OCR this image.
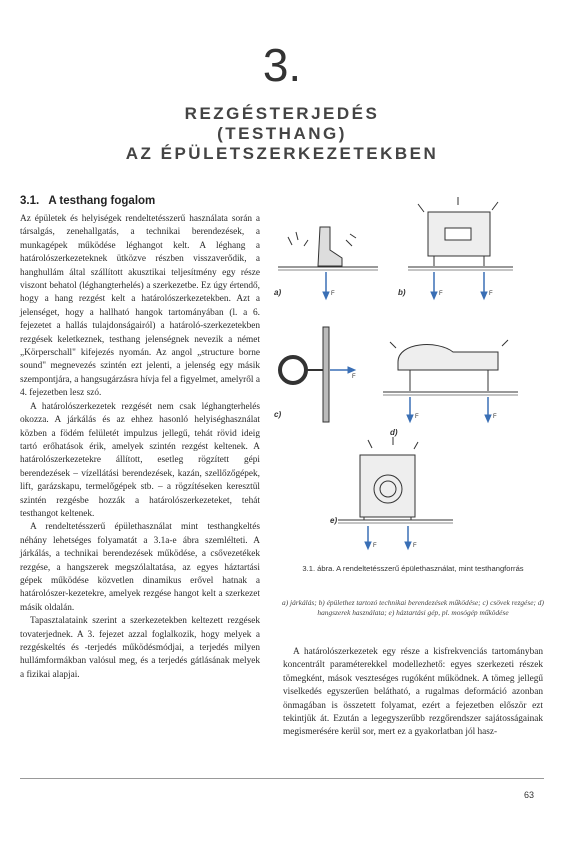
3.
REZGÉSTERJEDÉS
(TESTHANG)
AZ ÉPÜLETSZERKEZETEKBEN
3.1. A testhang fogalom

Az épületek és helyiségek rendeltetésszerű használata során a társalgás, zenehallgatás, a technikai berendezések, a munkagépek működése léghangot kelt. A léghang a határolószerkezeteknek ütközve részben visszaverődik, a hanghullám által szállított akusztikai teljesítmény egy része viszont behatol (léghangterhelés) a szerkezetbe. Ez úgy értendő, hogy a hang rezgést kelt a határolószerkezetekben. Azt a jelenséget, hogy a hallható hangok tartományában (l. a 6. fejezetet a hallás tulajdonságairól) a határoló-szerkezetekben rezgések keletkeznek, testhang jelenségnek nevezik a német „Körperschall" kifejezés nyomán. Az angol „structure borne sound" megnevezés szintén ezt jelenti, a jelenség egy másik szempontjára, a hangsugárzásra hívja fel a figyelmet, amelyről a 4. fejezetben lesz szó.

A határolószerkezetek rezgését nem csak léghangterhelés okozza. A járkálás és az ehhez hasonló helyiséghasználat közben a födém felületét impulzus jellegű, tehát rövid ideig tartó erőhatások érik, amelyek szintén rezgést keltenek. A határolószerkezetekre állított, esetleg rögzített gépi berendezések – vízellátási berendezések, kazán, szellőzőgépek, lift, garázskapu, termelőgépek stb. – a rögzítéseken keresztül szintén rezgésbe hozzák a határolószerkezeteket, tehát testhangot keltenek.

A rendeltetésszerű épülethasználat mint testhangkeltés néhány lehetséges folyamatát a 3.1a-e ábra szemlélteti. A járkálás, a technikai berendezések működése, a csővezetékek rezgése, a hangszerek megszólaltatása, az egyes háztartási gépek működése közvetlen dinamikus erővel hatnak a határolószer-kezetekre, amelyek rezgése hangot kelt a szerkezet másik oldalán.

Tapasztalataink szerint a szerkezetekben keltezett rezgések tovaterjednek. A 3. fejezet azzal foglalkozik, hogy melyek a rezgéskeltés és -terjedés működésmódjai, a terjedés milyen hullámformákban valósul meg, és a terjedés gátlásának melyek a fizikai alapjai.

a)	b)
c)
d)
e)
F	F	F
F
F	F
F	F
3.1. ábra. A rendeltetésszerű épülethasználat, mint testhangforrás
a) járkálás; b) épülethez tartozó technikai berendezések működése; c) csövek rezgése; d) hangszerek használata; e) háztartási gép, pl. mosógép működése

A határolószerkezetek egy része a kisfrekvenciás tartományban koncentrált paraméterekkel modellezhető: egyes szerkezeti részek tömegként, mások veszteséges rugóként működnek. A tömeg jellegű viselkedés egyszerűen belátható, a rugalmas deformáció azonban önmagában is összetett folyamat, ezért a fejezetben először ezt tekintjük át. Ezután a legegyszerűbb rezgőrendszer sajátosságainak megismerésére kerül sor, mert ez a gyakorlatban jól hasz-

63
